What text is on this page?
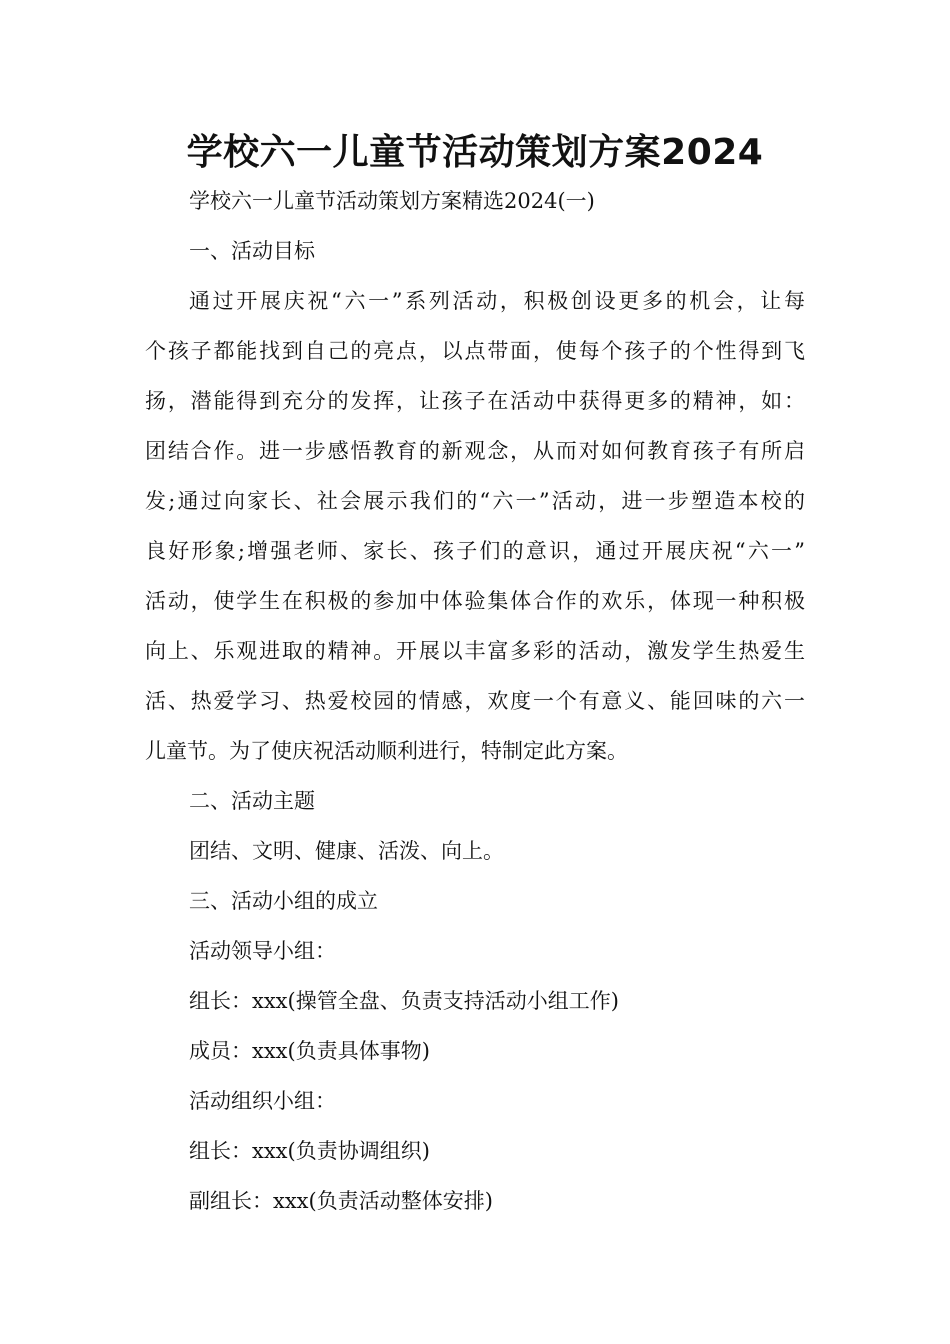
学校六一儿童节活动策划方案2024
学校六一儿童节活动策划方案精选2024(一)
一、活动目标
通过开展庆祝“六一”系列活动，积极创设更多的机会，让每
个孩子都能找到自己的亮点，以点带面，使每个孩子的个性得到飞
扬，潜能得到充分的发挥，让孩子在活动中获得更多的精神，如：
团结合作。进一步感悟教育的新观念，从而对如何教育孩子有所启
发;通过向家长、社会展示我们的“六一”活动，进一步塑造本校的
良好形象;增强老师、家长、孩子们的意识，通过开展庆祝“六一”
活动，使学生在积极的参加中体验集体合作的欢乐，体现一种积极
向上、乐观进取的精神。开展以丰富多彩的活动，激发学生热爱生
活、热爱学习、热爱校园的情感，欢度一个有意义、能回味的六一
儿童节。为了使庆祝活动顺利进行，特制定此方案。
二、活动主题
团结、文明、健康、活泼、向上。
三、活动小组的成立
活动领导小组：
组长：xxx(操管全盘、负责支持活动小组工作)
成员：xxx(负责具体事物)
活动组织小组：
组长：xxx(负责协调组织)
副组长：xxx(负责活动整体安排)
